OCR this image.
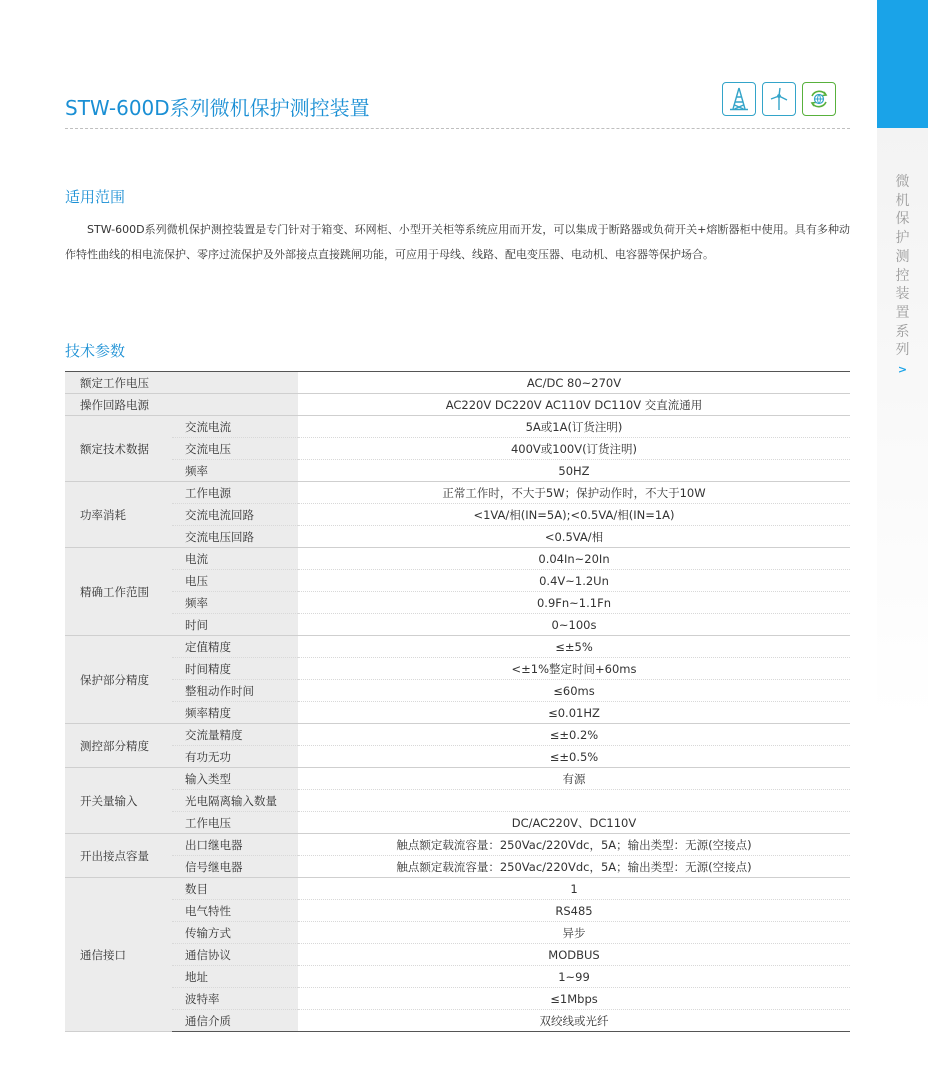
微
机
保
护
测
控
装
置
系
列
>
STW-600D系列微机保护测控装置
适用范围
  STW-600D系列微机保护测控装置是专门针对于箱变、环网柜、小型开关柜等系统应用而开发，可以集成于断路器或负荷开关+熔断器柜中使用。具有多种动作特性曲线的相电流保护、零序过流保护及外部接点直接跳闸功能，可应用于母线、线路、配电变压器、电动机、电容器等保护场合。
技术参数
额定工作电压		AC/DC 80~270V
操作回路电源		AC220V DC220V AC110V DC110V 交直流通用
额定技术数据	交流电流	5A或1A(订货注明)
	交流电压	400V或100V(订货注明)
	频率	50HZ
功率消耗	工作电源	正常工作时，不大于5W；保护动作时，不大于10W
	交流电流回路	<1VA/相(IN=5A);<0.5VA/相(IN=1A)
	交流电压回路	<0.5VA/相
精确工作范围	电流	0.04In~20In
	电压	0.4V~1.2Un
	频率	0.9Fn~1.1Fn
	时间	0~100s
保护部分精度	定值精度	≤±5%
	时间精度	<±1%整定时间+60ms
	整租动作时间	≤60ms
	频率精度	≤0.01HZ
测控部分精度	交流量精度	≤±0.2%
	有功无功	≤±0.5%
开关量输入	输入类型	有源
	光电隔离输入数量	
	工作电压	DC/AC220V、DC110V
开出接点容量	出口继电器	触点额定载流容量：250Vac/220Vdc，5A；输出类型：无源(空接点)
	信号继电器	触点额定载流容量：250Vac/220Vdc，5A；输出类型：无源(空接点)
通信接口	数目	1
	电气特性	RS485
	传输方式	异步
	通信协议	MODBUS
	地址	1~99
	波特率	≤1Mbps
	通信介质	双绞线或光纤
